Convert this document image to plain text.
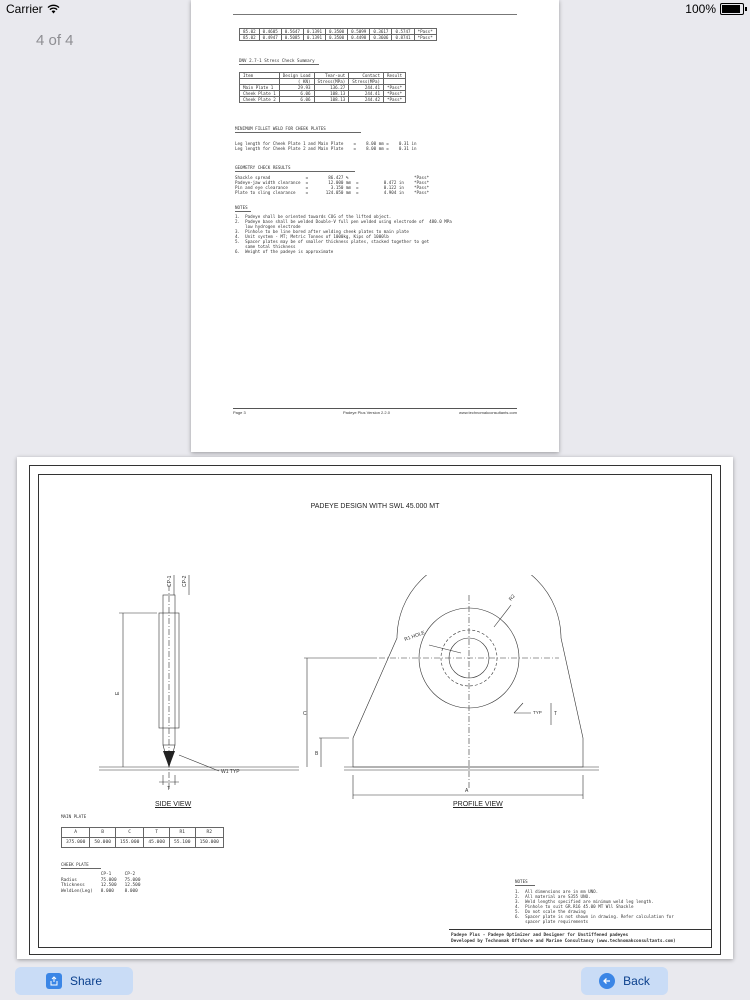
Carrier	100%
4 of 4
85.02	0.4605	0.5647	0.1391	0.3500	0.5099	0.3617	0.5747	*Pass*
85.02	0.4947	0.5085	0.1391	0.3500	0.4498	0.3606	0.8741	*Pass*
DNV 2.7-1 Stress Check Summary
Item	Design Load	Tear-out	Contact	Result
	( KN)	Stress(MPa)	Stress(MPa)	
Main Plate 1	29.93	136.27	244.41	*Pass*
Cheek Plate 1	6.06	108.13	244.41	*Pass*
Cheek Plate 2	6.06	108.13	244.42	*Pass*
MINIMUM FILLET WELD FOR CHEEK PLATES
Leg length for Cheek Plate 1 and Main Plate    =    8.00 mm =    0.31 in
Leg length for Cheek Plate 2 and Main Plate    =    8.00 mm =    0.31 in
GEOMETRY CHECK RESULTS
Shackle spread              =        86.427 %                          *Pass*
Padeye-jaw width clearance  =        12.000 mm  =          0.472 in    *Pass*
Pin and eye clearance       =         3.150 mm  =          0.122 in    *Pass*
Plate to sling clearance    =       124.050 mm  =          4.904 in    *Pass*
NOTES
1.  Padeye shall be oriented towards COG of the lifted object.
2.  Padeye base shall be welded Double-V full pen welded using electrode of  480.0 MPa
low hydrogen electrode
3.  Pinhole to be line bored after welding cheek plates to main plate
4.  Unit system - MT; Metric Tonnes of 1000kg, Kips of 1000lb
5.  Spacer plates may be of smaller thickness plates, stacked together to get
same total thickness
6.  Weight of the padeye is approximate
Page 3	Padeye Plus Version 2.2.0	www.technomakconsultants.com
PADEYE DESIGN WITH SWL 45.000 MT
CP-1 CP-2
E
T
W1 TYP
SIDE VIEW
R1 HOLE
R2
C
B
A
T
TYP
PROFILE VIEW
MAIN PLATE
A	B	C	T	R1	R2
375.000	50.000	155.000	45.000	55.100	150.000
CHEEK PLATE
	CP-1	CP-2
Radius	75.000	75.000
Thickness	12.500	12.500
WeldLen(Leg)	8.000	8.000
NOTES
1.  All dimensions are in mm UNO.
2.  All material are S355 UNO.
3.  Weld lengths specified are minimum weld leg length.
4.  Pinhole to suit GR.R16 45.00 MT Wll Shackle
5.  Do not scale the drawing
6.  Spacer plate is not shown in drawing. Refer calculation for
spacer plate requirements
Padeye Plus - Padeye Optimizer and Designer for Unstiffened padeyes
Developed by Technomak Offshore and Marine Consultancy (www.technomakconsultants.com)
Share	Back
